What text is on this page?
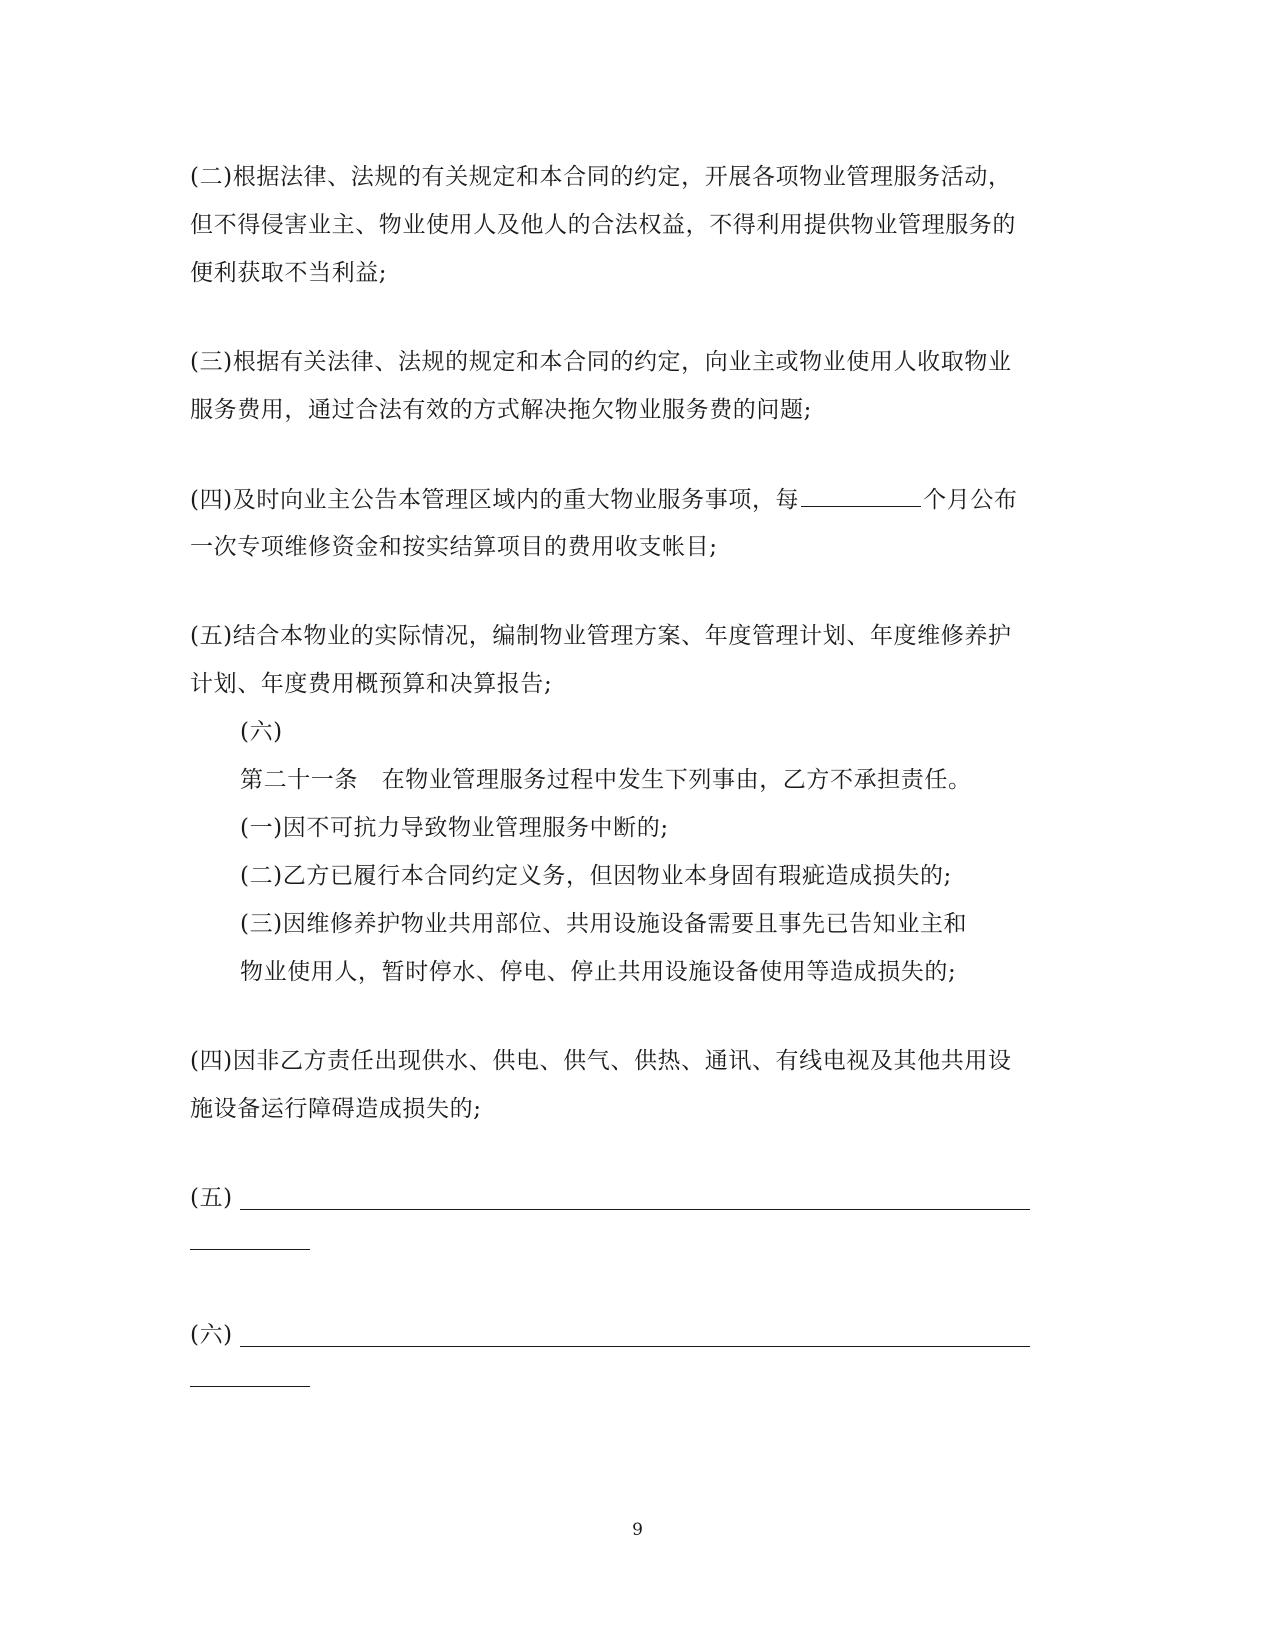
(二)根据法律、法规的有关规定和本合同的约定，开展各项物业管理服务活动，
但不得侵害业主、物业使用人及他人的合法权益，不得利用提供物业管理服务的
便利获取不当利益;
(三)根据有关法律、法规的规定和本合同的约定，向业主或物业使用人收取物业
服务费用，通过合法有效的方式解决拖欠物业服务费的问题;
(四)及时向业主公告本管理区域内的重大物业服务事项，每	个月公布
一次专项维修资金和按实结算项目的费用收支帐目;
(五)结合本物业的实际情况，编制物业管理方案、年度管理计划、年度维修养护
计划、年度费用概预算和决算报告;
(六)
第二十一条　在物业管理服务过程中发生下列事由，乙方不承担责任。
(一)因不可抗力导致物业管理服务中断的;
(二)乙方已履行本合同约定义务，但因物业本身固有瑕疵造成损失的;
(三)因维修养护物业共用部位、共用设施设备需要且事先已告知业主和
物业使用人，暂时停水、停电、停止共用设施设备使用等造成损失的;
(四)因非乙方责任出现供水、供电、供气、供热、通讯、有线电视及其他共用设
施设备运行障碍造成损失的;
(五)
(六)
9
